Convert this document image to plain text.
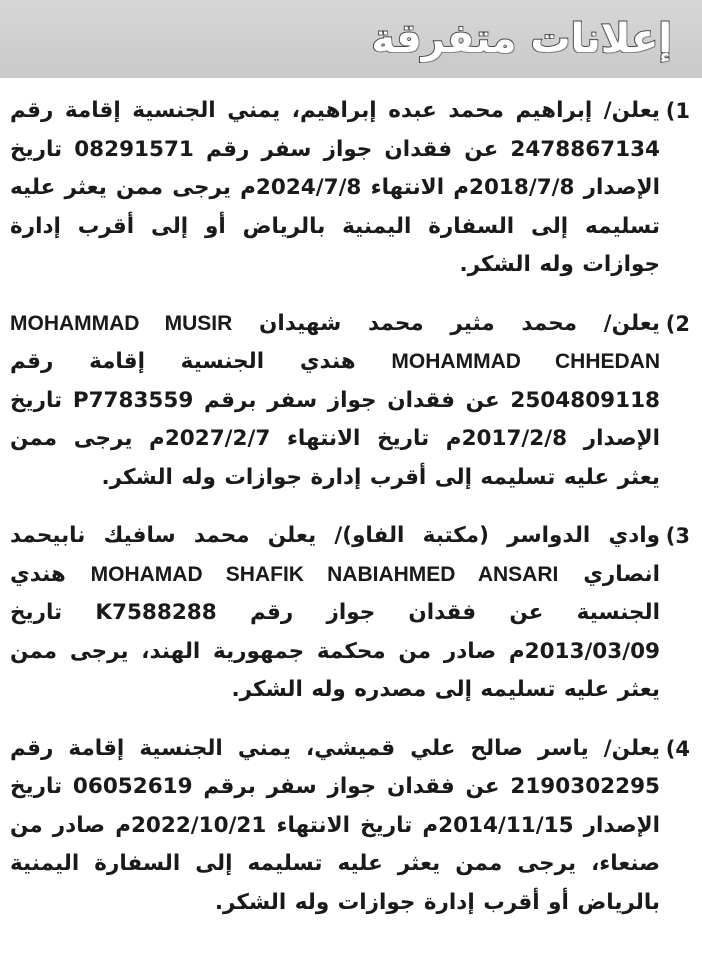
إعلانات متفرقة
1)
يعلن/ إبراهيم محمد عبده إبراهيم، يمني الجنسية إقامة رقم 2478867134 عن فقدان جواز سفر رقم 08291571 تاريخ الإصدار 2018/7/8م الانتهاء 2024/7/8م يرجى ممن يعثر عليه تسليمه إلى السفارة اليمنية بالرياض أو إلى أقرب إدارة جوازات وله الشكر.
2)
يعلن/ محمد مثير محمد شهيدان MOHAMMAD MUSIR MOHAMMAD CHHEDAN هندي الجنسية إقامة رقم 2504809118 عن فقدان جواز سفر برقم P7783559 تاريخ الإصدار 2017/2/8م تاريخ الانتهاء 2027/2/7م يرجى ممن يعثر عليه تسليمه إلى أقرب إدارة جوازات وله الشكر.
3)
وادي الدواسر (مكتبة الفاو)/ يعلن محمد سافيك نابيحمد انصاري MOHAMAD SHAFIK NABIAHMED ANSARI هندي الجنسية عن فقدان جواز رقم K7588288 تاريخ 2013/03/09م صادر من محكمة جمهورية الهند، يرجى ممن يعثر عليه تسليمه إلى مصدره وله الشكر.
4)
يعلن/ ياسر صالح علي قميشي، يمني الجنسية إقامة رقم 2190302295 عن فقدان جواز سفر برقم 06052619 تاريخ الإصدار 2014/11/15م تاريخ الانتهاء 2022/10/21م صادر من صنعاء، يرجى ممن يعثر عليه تسليمه إلى السفارة اليمنية بالرياض أو أقرب إدارة جوازات وله الشكر.
